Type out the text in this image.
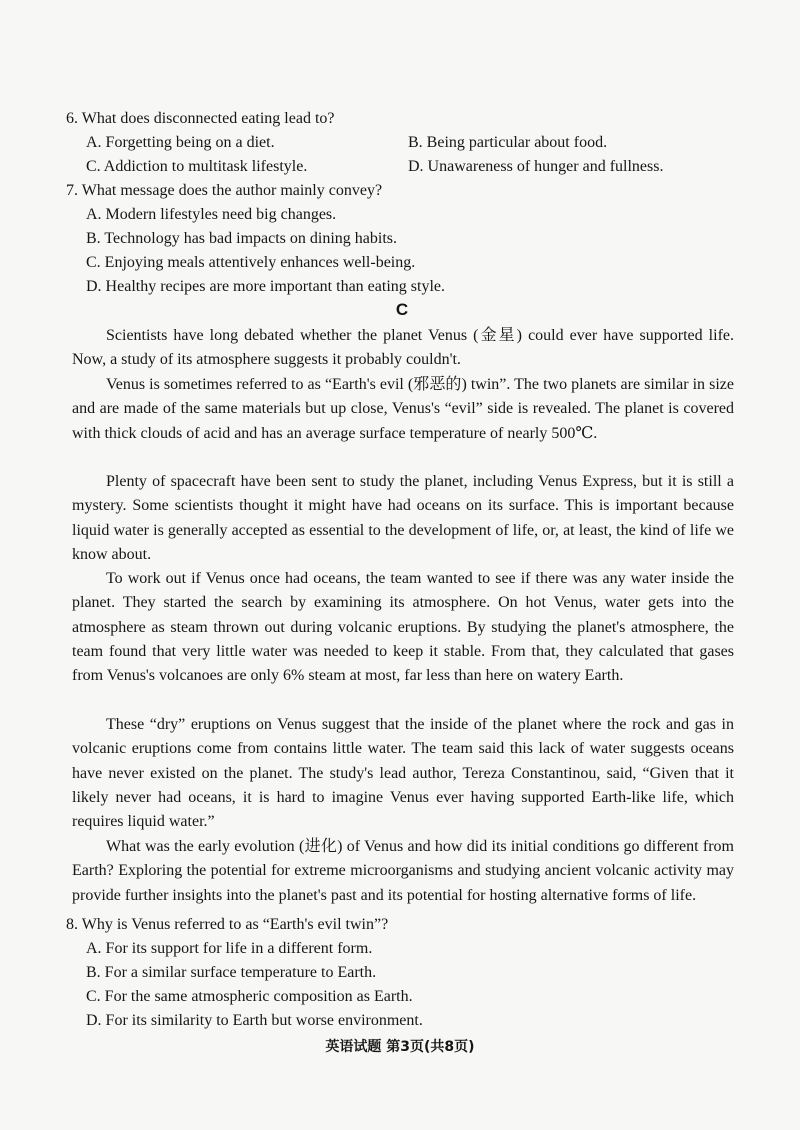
6. What does disconnected eating lead to?
A. Forgetting being on a diet.	B. Being particular about food.
C. Addiction to multitask lifestyle.	D. Unawareness of hunger and fullness.
7. What message does the author mainly convey?
A. Modern lifestyles need big changes.
B. Technology has bad impacts on dining habits.
C. Enjoying meals attentively enhances well-being.
D. Healthy recipes are more important than eating style.
C

Scientists have long debated whether the planet Venus (金星) could ever have supported life. Now, a study of its atmosphere suggests it probably couldn't.

Venus is sometimes referred to as “Earth's evil (邪恶的) twin”. The two planets are similar in size and are made of the same materials but up close, Venus's “evil” side is revealed. The planet is covered with thick clouds of acid and has an average surface temperature of nearly 500℃.

Plenty of spacecraft have been sent to study the planet, including Venus Express, but it is still a mystery. Some scientists thought it might have had oceans on its surface. This is important because liquid water is generally accepted as essential to the development of life, or, at least, the kind of life we know about.

To work out if Venus once had oceans, the team wanted to see if there was any water inside the planet. They started the search by examining its atmosphere. On hot Venus, water gets into the atmosphere as steam thrown out during volcanic eruptions. By studying the planet's atmosphere, the team found that very little water was needed to keep it stable. From that, they calculated that gases from Venus's volcanoes are only 6% steam at most, far less than here on watery Earth.

These “dry” eruptions on Venus suggest that the inside of the planet where the rock and gas in volcanic eruptions come from contains little water. The team said this lack of water suggests oceans have never existed on the planet. The study's lead author, Tereza Constantinou, said, “Given that it likely never had oceans, it is hard to imagine Venus ever having supported Earth-like life, which requires liquid water.”

What was the early evolution (进化) of Venus and how did its initial conditions go different from Earth? Exploring the potential for extreme microorganisms and studying ancient volcanic activity may provide further insights into the planet's past and its potential for hosting alternative forms of life.

8. Why is Venus referred to as “Earth's evil twin”?
A. For its support for life in a different form.
B. For a similar surface temperature to Earth.
C. For the same atmospheric composition as Earth.
D. For its similarity to Earth but worse environment.
英语试题 第3页(共8页)
